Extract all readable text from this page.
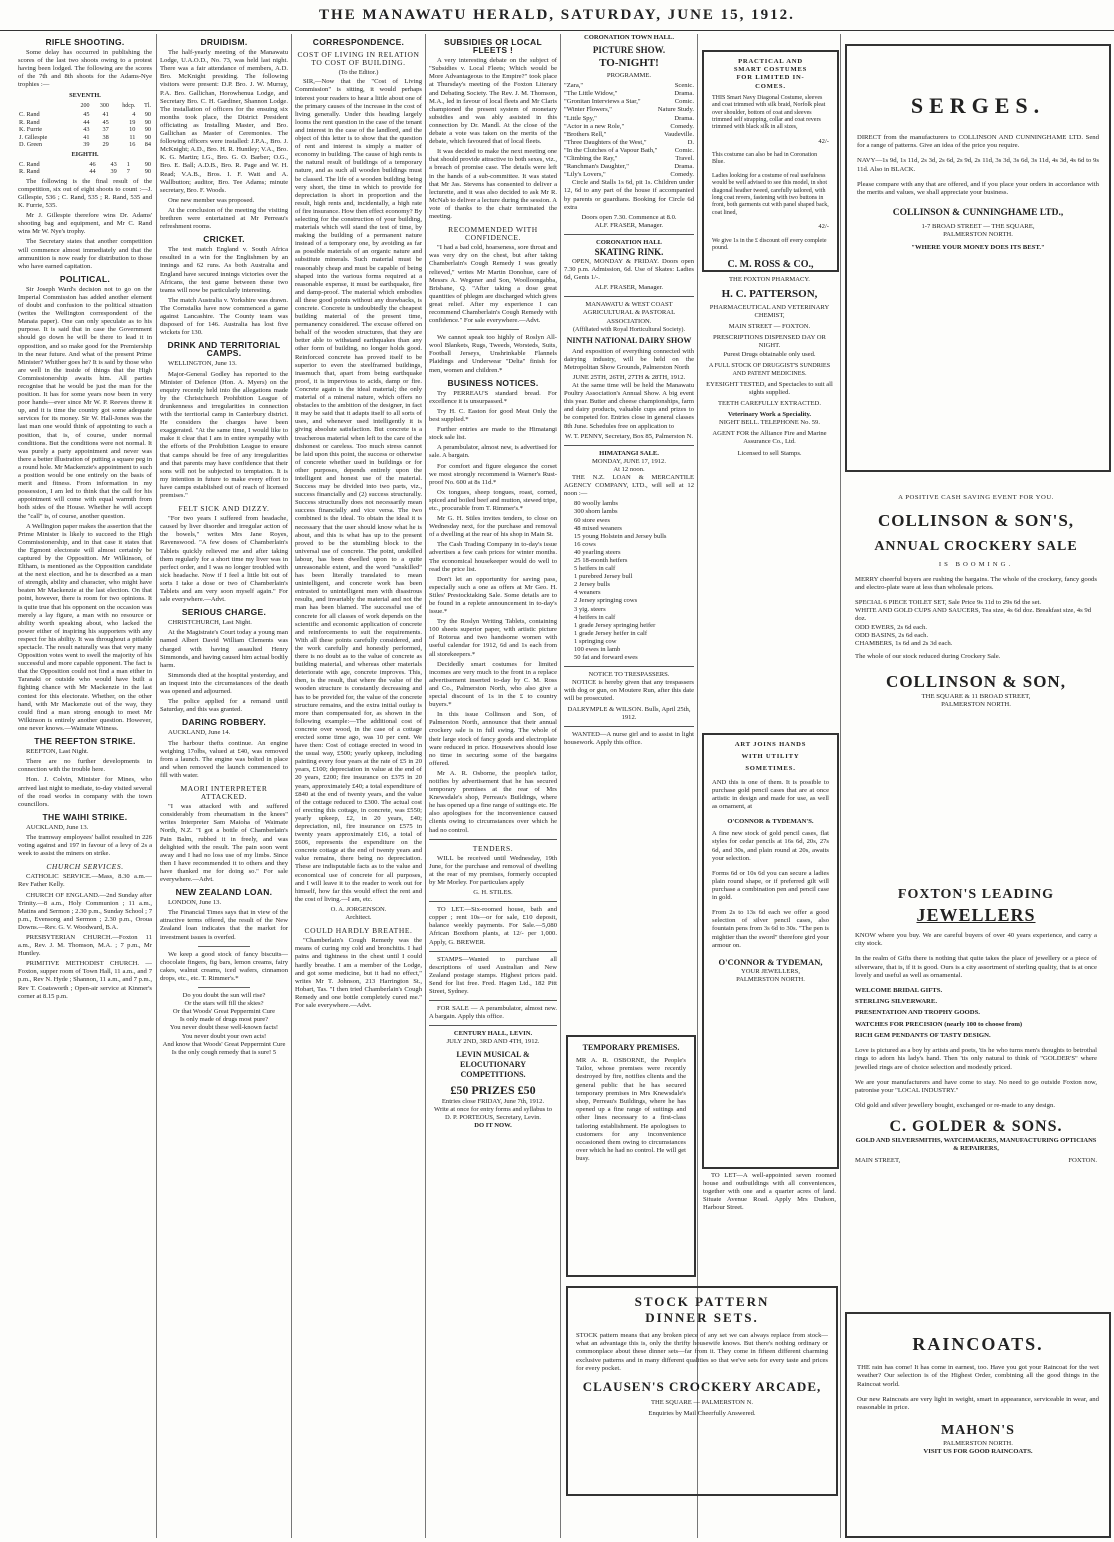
THE MANAWATU HERALD, SATURDAY, JUNE 15, 1912.
RIFLE SHOOTING.

Some delay has occurred in publishing the scores of the last two shoots owing to a protest having been lodged. The following are the scores of the 7th and 8th shoots for the Adams-Nye trophies :—

SEVENTH.
	200	300	hdcp.	Tl.
C. Rand	45	41	4	90
R. Rand	44	45	19	90
K. Furrie	43	37	10	90
J. Gillespie	41	38	11	90
D. Green	39	29	16	84
EIGHTH.
C. Rand	46	43	1	90
R. Rand	44	39	7	90

The following is the final result of the competition, six out of eight shoots to count :—J. Gillespie, 536 ; C. Rand, 535 ; R. Rand, 535 and K. Furrie, 535.

Mr J. Gillespie therefore wins Dr. Adams' shooting bag and equipment, and Mr C. Rand wins Mr W. Nye's trophy.

The Secretary states that another competition will commence almost immediately and that the ammunition is now ready for distribution to those who have earned capitation.

POLITICAL.

Sir Joseph Ward's decision not to go on the Imperial Commission has added another element of doubt and confusion to the political situation (writes the Wellington correspondent of the Manaia paper). One can only speculate as to his purpose. It is said that in case the Government should go down he will be there to lead it in opposition, and so make good for the Premiership in the near future. And what of the present Prime Minister? Whither goes he? It is said by those who are well in the inside of things that the High Commissionership awaits him. All parties recognise that he would be just the man for the position. It has for some years now been in very poor hands—ever since Mr W. P. Reeves threw it up, and it is time the country got some adequate services for its money. Sir W. Hall-Jones was the last man one would think of appointing to such a position, that is, of course, under normal conditions. But the conditions were not normal. It was purely a party appointment and never was there a better illustration of putting a square peg in a round hole. Mr Mackenzie's appointment to such a position would be one entirely on the basis of merit and fitness. From information in my possession, I am led to think that the call for his appointment will come with equal warmth from both sides of the House. Whether he will accept the "call" is, of course, another question.

A Wellington paper makes the assertion that the Prime Minister is likely to succeed to the High Commissionership, and in that case it states that the Egmont electorate will almost certainly be captured by the Opposition. Mr Wilkinson, of Eltham, is mentioned as the Opposition candidate at the next election, and he is described as a man of strength, ability and character, who might have beaten Mr Mackenzie at the last election. On that point, however, there is room for two opinions. It is quite true that his opponent on the occasion was merely a lay figure, a man with no resource or ability worth speaking about, who lacked the power either of inspiring his supporters with any respect for his ability. It was throughout a pitiable spectacle. The result naturally was that very many Opposition votes went to swell the majority of his successful and more capable opponent. The fact is that the Opposition could not find a man either in Taranaki or outside who would have built a fighting chance with Mr Mackenzie in the last contest for this electorate. Whether, on the other hand, with Mr Mackenzie out of the way, they could find a man strong enough to meet Mr Wilkinson is entirely another question. However, one never knows.—Waimate Witness.

THE REEFTON STRIKE.

REEFTON, Last Night.

There are no further developments in connection with the trouble here.

Hon. J. Colvin, Minister for Mines, who arrived last night to mediate, to-day visited several of the road works in company with the town councillors.

THE WAIHI STRIKE.

AUCKLAND, June 13.

The tramway employees' ballot resulted in 226 voting against and 197 in favour of a levy of 2s a week to assist the miners on strike.

CHURCH SERVICES.

CATHOLIC SERVICE.—Mass, 8.30 a.m.—Rev Father Kelly.

CHURCH OF ENGLAND.—2nd Sunday after Trinity.—8 a.m., Holy Communion ; 11 a.m., Matins and Sermon ; 2.30 p.m., Sunday School ; 7 p.m., Evensong and Sermon ; 2.30 p.m., Oroua Downs.—Rev. G. V. Woodward, B.A.

PRESBYTERIAN CHURCH.—Foxton 11 a.m., Rev. J. M. Thomson, M.A. ; 7 p.m., Mr Huntley.

PRIMITIVE METHODIST CHURCH. — Foxton, supper room of Town Hall, 11 a.m., and 7 p.m., Rev N. Hyde ; Shannon, 11 a.m., and 7 p.m., Rev T. Coatsworth ; Open-air service at Kinmer's corner at 8.15 p.m.

DRUIDISM.

The half-yearly meeting of the Manawatu Lodge, U.A.O.D., No. 73, was held last night. There was a fair attendance of members, A.D. Bro. McKnight presiding. The following visitors were present: D.P. Bro. J. W. Murray, P.A. Bro. Gallichan, Horowhenua Lodge, and Secretary Bro. C. H. Gardiner, Shannon Lodge. The installation of officers for the ensuing six months took place, the District President officiating as Installing Master, and Bro. Gallichan as Master of Ceremonies. The following officers were installed: J.P.A., Bro. J. McKnight; A.D., Bro. H. R. Huntley; V.A., Bro. K. G. Martin; I.G., Bro. G. O. Barber; O.G., Bro. E. Ball; A.D.B., Bro. R. Page and W. H. Read; V.A.B., Bros. I. F. Watt and A. Wallbutton; auditor, Bro. Tee Adams; minute secretary, Bro. F. Woods.

One new member was proposed.

At the conclusion of the meeting the visiting brethren were entertained at Mr Perreau's refreshment rooms.

CRICKET.

The test match England v. South Africa resulted in a win for the Englishmen by an innings and 62 runs. As both Australia and England have secured innings victories over the Africans, the test game between these two teams will now be particularly interesting.

The match Australia v. Yorkshire was drawn. The Cornstalks have now commenced a game against Lancashire. The County team was disposed of for 146. Australia has lost five wickets for 130.

DRINK AND TERRITORIAL CAMPS.

WELLINGTON, June 13.

Major-General Godley has reported to the Minister of Defence (Hon. A. Myers) on the enquiry recently held into the allegations made by the Christchurch Prohibition League of drunkenness and irregularities in connection with the territorial camp in Canterbury district. He considers the charges have been exaggerated. "At the same time, I would like to make it clear that I am in entire sympathy with the efforts of the Prohibition League to ensure that camps should be free of any irregularities and that parents may have confidence that their sons will not be subjected to temptation. It is my intention in future to make every effort to have camps established out of reach of licensed premises."

FELT SICK AND DIZZY.

"For two years I suffered from headache, caused by liver disorder and irregular action of the bowels," writes Mrs Jane Royes, Ravenswood. "A few doses of Chamberlain's Tablets quickly relieved me and after taking them regularly for a short time my liver was in perfect order, and I was no longer troubled with sick headache. Now if I feel a little bit out of sorts I take a dose or two of Chamberlain's Tablets and am very soon myself again." For sale everywhere.—Advt.

SERIOUS CHARGE.

CHRISTCHURCH, Last Night.

At the Magistrate's Court today a young man named Albert David William Clements was charged with having assaulted Henry Simmonds, and having caused him actual bodily harm.

Simmonds died at the hospital yesterday, and an inquest into the circumstances of the death was opened and adjourned.

The police applied for a remand until Saturday, and this was granted.

DARING ROBBERY.

AUCKLAND, June 14.

The harbour thefts continue. An engine weighing 17olbs, valued at £40, was removed from a launch. The engine was bolted in place and when removed the launch commenced to fill with water.

MAORI INTERPRETER ATTACKED.

"I was attacked with and suffered considerably from rheumatism in the knees" writes Interpreter Sam Maioha of Waimate North, N.Z. "I got a bottle of Chamberlain's Pain Balm, rubbed it in freely, and was delighted with the result. The pain soon went away and I had no loss use of my limbs. Since then I have recommended it to others and they have thanked me for doing so." For sale everywhere.—Advt.

NEW ZEALAND LOAN.

LONDON, June 13.

The Financial Times says that in view of the attractive terms offered, the result of the New Zealand loan indicates that the market for investment issues is overfed.

We keep a good stock of fancy biscuits—chocolate fingers, fig bars, lemon creams, fairy cakes, walnut creams, iced wafers, cinnamon drops, etc., etc. T. Rimmer's.*

Do you doubt the sun will rise?
Or the stars will fill the skies?
Or that Woods' Great Peppermint Cure
Is only made of drugs most pure?
You never doubt these well-known facts!
You never doubt your own acts!
And know that Woods' Great Peppermint Cure
Is the only cough remedy that is sure! 5
CORRESPONDENCE.
COST OF LIVING IN RELATION TO COST OF BUILDING.
(To the Editor.)

SIR,—Now that the "Cost of Living Commission" is sitting, it would perhaps interest your readers to hear a little about one of the primary causes of the increase in the cost of living generally. Under this heading largely looms the rent question in the case of the tenant and interest in the case of the landlord, and the object of this letter is to show that the question of rent and interest is simply a matter of economy in building. The cause of high rents is the natural result of buildings of a temporary nature, and as such all wooden buildings must be classed. The life of a wooden building being very short, the time in which to provide for depreciation is short in proportion and the result, high rents and, incidentally, a high rate of fire insurance. How then effect economy? By selecting for the construction of your building, materials which will stand the test of time, by making the building of a permanent nature instead of a temporary one, by avoiding as far as possible materials of an organic nature and substitute minerals. Such material must be reasonably cheap and must be capable of being shaped into the various forms required at a reasonable expense, it must be earthquake, fire and damp-proof. The material which embodies all these good points without any drawbacks, is concrete. Concrete is undoubtedly the cheapest building material of the present time, permanency considered. The excuse offered on behalf of the wooden structures, that they are better able to withstand earthquakes than any other form of building, no longer holds good. Reinforced concrete has proved itself to be superior to even the steelframed buildings, inasmuch that, apart from being earthquake proof, it is impervious to acids, damp or fire. Concrete again is the ideal material; the only material of a mineral nature, which offers no obstacles to the ambition of the designer, in fact it may be said that it adapts itself to all sorts of uses, and whenever used intelligently it is giving absolute satisfaction. But concrete is a treacherous material when left to the care of the dishonest or careless. Too much stress cannot be laid upon this point, the success or otherwise of concrete whether used in buildings or for other purposes, depends entirely upon the intelligent and honest use of the material. Success may be divided into two parts, viz., success financially and (2) success structurally. Success structurally does not necessarily mean success financially and vice versa. The two combined is the ideal. To obtain the ideal it is necessary that the user should know what he is about, and this is what has up to the present proved to be the stumbling block to the universal use of concrete. The point, unskilled labour, has been dwelled upon to a quite unreasonable extent, and the word "unskilled" has been literally translated to mean unintelligent, and concrete work has been entrusted to unintelligent men with disastrous results, and invariably the material and not the man has been blamed. The successful use of concrete for all classes of work depends on the scientific and economic application of concrete and reinforcements to suit the requirements. With all these points carefully considered, and the work carefully and honestly performed, there is no doubt as to the value of concrete as building material, and whereas other materials deteriorate with age, concrete improves. This, then, is the result, that where the value of the wooden structure is constantly decreasing and has to be provided for, the value of the concrete structure remains, and the extra initial outlay is more than compensated for, as shown in the following example:—The additional cost of concrete over wood, in the case of a cottage erected some time ago, was 10 per cent. We have then: Cost of cottage erected in wood in the usual way, £500; yearly upkeep, including painting every four years at the rate of £5 in 20 years, £100; depreciation in value at the end of 20 years, £200; fire insurance on £375 in 20 years, approximately £40; a total expenditure of £840 at the end of twenty years, and the value of the cottage reduced to £300. The actual cost of erecting this cottage, in concrete, was £550; yearly upkeep, £2, in 20 years, £40; depreciation, nil, fire insurance on £575 in twenty years approximately £16, a total of £606, represents the expenditure on the concrete cottage at the end of twenty years and value remains, there being no depreciation. These are indisputable facts as to the value and economical use of concrete for all purposes, and I will leave it to the reader to work out for himself, how far this would effect the rent and the cost of living.—I am, etc.

O. A. JORGENSON.
Architect.
COULD HARDLY BREATHE.

"Chamberlain's Cough Remedy was the means of curing my cold and bronchitis. I had pains and tightness in the chest until I could hardly breathe. I am a member of the Lodge, and got some medicine, but it had no effect," writes Mr T. Johnson, 213 Harrington St., Hobart, Tas. "I then tried Chamberlain's Cough Remedy and one bottle completely cured me." For sale everywhere.—Advt.

SUBSIDIES OR LOCAL FLEETS !

A very interesting debate on the subject of "Subsidies v. Local Fleets; Which would be More Advantageous to the Empire?" took place at Thursday's meeting of the Foxton Literary and Debating Society. The Rev. J. M. Thomson, M.A., led in favour of local fleets and Mr Claris championed the present system of monetary subsidies and was ably assisted in this connection by Dr. Mandl. At the close of the debate a vote was taken on the merits of the debate, which favoured that of local fleets.

It was decided to make the next meeting one that should provide attractive to both sexes, viz., a breach of promise case. The details were left in the hands of a sub-committee. It was stated that Mr Jas. Stevens has consented to deliver a lecturette, and it was also decided to ask Mr R. McNab to deliver a lecture during the session. A vote of thanks to the chair terminated the meeting.

RECOMMENDED WITH CONFIDENCE.

"I had a bad cold, hoarseness, sore throat and was very dry on the chest, but after taking Chamberlain's Cough Remedy I was greatly relieved," writes Mr Martin Donohue, care of Messrs A. Wegener and Son, Woolloongabba, Brisbane, Q. "After taking a dose great quantities of phlegm are discharged which gives great relief. After my experience I can recommend Chamberlain's Cough Remedy with confidence." For sale everywhere.—Advt.

We cannot speak too highly of Roslyn All-wool Blankets, Rugs, Tweeds, Worsteds, Suits, Football Jerseys, Unshrinkable Flannels Plaidings and Underwear "Delta" finish for men, women and children.*

BUSINESS NOTICES.

Try PERREAU'S standard bread. For excellence it is unsurpassed.*

Try H. C. Easton for good Meat Only the best supplied.*

Further entries are made to the Himatangi stock sale list.

A perambulator, almost new, is advertised for sale. A bargain.

For comfort and figure elegance the corset we most strongly recommend is Warner's Rust-proof No. 600 at 8s 11d.*

Ox tongues, sheep tongues, roast, corned, spiced and boiled beef and mutton, stewed tripe, etc., procurable from T. Rimmer's.*

Mr G. H. Stiles invites tenders, to close on Wednesday next, for the purchase and removal of a dwelling at the rear of his shop in Main St.

The Cash Trading Company in to-day's issue advertises a few cash prices for winter months. The economical housekeeper would do well to read the price list.

Don't let an opportunity for saving pass, especially such a one as offers at Mr Geo. H. Stiles' Prestocktaking Sale. Some details are to be found in a replete announcement in to-day's issue.*

Try the Roslyn Writing Tablets, containing 100 sheets superior paper, with artistic picture of Rotorua and two handsome women with useful calendar for 1912, 6d and 1s each from all storekeepers.*

Decidedly smart costumes for limited incomes are very much to the front in a replace advertisement inserted to-day by C. M. Ross and Co., Palmerston North, who also give a special discount of 1s in the £ to country buyers.*

In this issue Collinson and Son, of Palmerston North, announce that their annual crockery sale is in full swing. The whole of their large stock of fancy goods and electroplate ware reduced in price. Housewives should lose no time in securing some of the bargains offered.

Mr A. R. Osborne, the people's tailor, notifies by advertisement that he has secured temporary premises at the rear of Mrs Knewsdale's shop, Perreau's Buildings, where he has opened up a fine range of suitings etc. He also apologises for the inconvenience caused clients owing to circumstances over which he had no control.

TENDERS.

WILL be received until Wednesday, 19th June, for the purchase and removal of dwelling at the rear of my premises, formerly occupied by Mr Morley. For particulars apply

G. H. STILES.

TO LET.—Six-roomed house, bath and copper ; rent 10s—or for sale, £10 deposit, balance weekly payments. For Sale.—5,080 African Boxthorn plants, at 12/- per 1,000. Apply, G. BREWER.

STAMPS—Wanted to purchase all descriptions of used Australian and New Zealand postage stamps. Highest prices paid. Send for list free. Fred. Hagen Ltd., 182 Pitt Street, Sydney.

FOR SALE — A perambulator, almost new. A bargain. Apply this office.

CENTURY HALL, LEVIN.
JULY 2ND, 3RD AND 4TH, 1912.
LEVIN MUSICAL & ELOCUTIONARY COMPETITIONS.
£50 PRIZES £50
Entries close FRIDAY, June 7th, 1912.
Write at once for entry forms and syllabus to
D. P. PORTEOUS, Secretary, Levin.
DO IT NOW.
CORONATION TOWN HALL.
PICTURE SHOW.
TO-NIGHT!
PROGRAMME.
"Zara,"	Scenic.
"The Little Widow,"	Drama.
"Gronitan Interviews a Star,"	Comic.
"Winter Flowers,"	Nature Study.
"Little Spy,"	Drama.
"Actor in a new Role,"	Comedy.
"Brothers Rell,"	Vaudeville.
"Three Daughters of the West,"	D.
"In the Clutches of a Vapour Bath,"	Comic.
"Climbing the Ray,"	Travel.
"Ranchman's Daughter,"	Drama.
"Lily's Lovers,"	Comedy.

Circle and Stalls 1s 6d, pit 1s. Children under 12, 6d to any part of the house if accompanied by parents or guardians. Booking for Circle 6d extra

Doors open 7.30. Commence at 8.0.
ALF. FRASER, Manager.
CORONATION HALL
SKATING RINK.

OPEN, MONDAY & FRIDAY. Doors open 7.30 p.m. Admission, 6d. Use of Skates: Ladies 6d, Gents 1/-.

ALF. FRASER, Manager.
MANAWATU & WEST COAST AGRICULTURAL & PASTORAL ASSOCIATION.
(Affiliated with Royal Horticultural Society).
NINTH NATIONAL DAIRY SHOW

And exposition of everything connected with dairying industry, will be held on the Metropolitan Show Grounds, Palmerston North

JUNE 25TH, 26TH, 27TH & 28TH, 1912.

At the same time will be held the Manawatu Poultry Association's Annual Show. A big event this year. Butter and cheese championships, farm and dairy products, valuable cups and prizes to be competed for. Entries close in general classes 8th June. Schedules free on application to

W. T. PENNY, Secretary, Box 85, Palmerston N.
HIMATANGI SALE.
MONDAY, JUNE 17, 1912.
At 12 noon.

THE N.Z. LOAN & MERCANTILE AGENCY COMPANY, LTD., will sell at 12 noon :—

80 woolly lambs
300 shorn lambs
60 store ewes
48 mixed weaners
15 young Holstein and Jersey bulls
16 cows
40 yearling steers
25 18-month heifers
5 heifers in calf
1 purebred Jersey bull
2 Jersey bulls
4 weaners
2 Jersey springing cows
3 yig. steers
4 heifers in calf
1 grade Jersey springing heifer
1 grade Jersey heifer in calf
1 springing cow
100 ewes in lamb
50 fat and forward ewes
NOTICE TO TRESPASSERS.

NOTICE is hereby given that any trespassers with dog or gun, on Moutere Run, after this date will be prosecuted.

DALRYMPLE & WILSON. Bulls, April 25th, 1912.

WANTED—A nurse girl and to assist in light housework. Apply this office.

TEMPORARY PREMISES.

MR A. R. OSBORNE, the People's Tailor, whose premises were recently destroyed by fire, notifies clients and the general public that he has secured temporary premises in Mrs Knewsdale's shop, Perreau's Buildings, where he has opened up a fine range of suitings and other lines necessary to a first-class tailoring establishment. He apologises to customers for any inconvenience occasioned them owing to circumstances over which he had no control. He will get busy.

STOCK PATTERN
DINNER SETS.

STOCK pattern means that any broken piece of any set we can always replace from stock—what an advantage this is, only the thrifty housewife knows. But there's nothing ordinary or commonplace about these dinner sets—far from it. They come in fifteen different charming exclusive patterns and in many different qualities so that we've sets for every taste and prices for every pocket.

CLAUSEN'S CROCKERY ARCADE,
THE SQUARE — PALMERSTON N.
Enquiries by Mail Cheerfully Answered.
PRACTICAL AND
SMART COSTUMES
FOR LIMITED IN-
COMES.

THIS Smart Navy Diagonal Costume, sleeves and coat trimmed with silk braid, Norfolk pleat over shoulder, bottom of coat and sleeves trimmed self strapping, collar and coat revers trimmed with black silk in all sizes,

42/-

This costume can also be had in Coronation Blue.

Ladies looking for a costume of real usefulness would be well advised to see this model, in shot diagonal heather tweed, carefully tailored, with long coat revers, fastening with two buttons in front, both garments cut with panel shaped back, coat lined,

42/-

We give 1s in the £ discount off every complete pound.

C. M. ROSS & CO.,
THE FOXTON PHARMACY.
H. C. PATTERSON,
PHARMACEUTICAL AND VETERINARY CHEMIST,
MAIN STREET — FOXTON.
PRESCRIPTIONS DISPENSED DAY OR NIGHT.
Purest Drugs obtainable only used.
A FULL STOCK OF DRUGGIST'S SUNDRIES AND PATENT MEDICINES.
EYESIGHT TESTED, and Spectacles to suit all sights supplied.
TEETH CAREFULLY EXTRACTED.
Veterinary Work a Speciality.
NIGHT BELL. TELEPHONE No. 59.
AGENT FOR the Alliance Fire and Marine Assurance Co., Ltd.
Licensed to sell Stamps.
ART JOINS HANDS
WITH UTILITY
SOMETIMES.

AND this is one of them. It is possible to purchase gold pencil cases that are at once artistic in design and made for use, as well as ornament, at

O'CONNOR & TYDEMAN'S.

A fine new stock of gold pencil cases, flat styles for cedar pencils at 16s 6d, 20s, 27s 6d, and 30s, and plain round at 20s, awaits your selection.

Forms 6d or 10s 6d you can secure a ladies plain round shape, or if preferred gilt will purchase a combination pen and pencil case in gold.

From 2s to 13s 6d each we offer a good selection of silver pencil cases, also fountain pens from 3s 6d to 30s. "The pen is mightier than the sword" therefore gird your armour on.

O'CONNOR & TYDEMAN,
YOUR JEWELLERS,
PALMERSTON NORTH.

TO LET—A well-appointed seven roomed house and outbuildings with all conveniences, together with one and a quarter acres of land. Situate Avenue Road. Apply Mrs Dudson, Harbour Street.

SERGES.

DIRECT from the manufacturers to COLLINSON AND CUNNINGHAME LTD. Send for a range of patterns. Give an idea of the price you require.

NAVY—1s 9d, 1s 11d, 2s 3d, 2s 6d, 2s 9d, 2s 11d, 3s 3d, 3s 6d, 3s 11d, 4s 3d, 4s 6d to 9s 11d. Also in BLACK.

Please compare with any that are offered, and if you place your orders in accordance with the merits and values, we shall appreciate your business.

COLLINSON & CUNNINGHAME LTD.,
1-7 BROAD STREET — THE SQUARE,
PALMERSTON NORTH.
"WHERE YOUR MONEY DOES ITS BEST."
A POSITIVE CASH SAVING EVENT FOR YOU.
COLLINSON & SON'S,
ANNUAL CROCKERY SALE
IS BOOMING.

MERRY cheerful buyers are rushing the bargains. The whole of the crockery, fancy goods and electro-plate ware at less than wholesale prices.

SPECIAL 6 PIECE TOILET SET, Sale Price 9s 11d to 29s 6d the set.
WHITE AND GOLD CUPS AND SAUCERS, Tea size, 4s 6d doz. Breakfast size, 4s 9d doz.
ODD EWERS, 2s 6d each.
ODD BASINS, 2s 6d each.
CHAMBERS, 1s 6d and 2s 3d each.

The whole of our stock reduced during Crockery Sale.

COLLINSON & SON,
THE SQUARE & 11 BROAD STREET,
PALMERSTON NORTH.
FOXTON'S LEADING
JEWELLERS

KNOW where you buy. We are careful buyers of over 40 years experience, and carry a city stock.

In the realm of Gifts there is nothing that quite takes the place of jewellery or a piece of silverware, that is, if it is good. Ours is a city assortment of sterling quality, that is at once lovely and useful as well as ornamental.

WELCOME BRIDAL GIFTS.
STERLING SILVERWARE.
PRESENTATION AND TROPHY GOODS.
WATCHES FOR PRECISION (nearly 100 to choose from)
RICH GEM PENDANTS OF TASTY DESIGN.

Love is pictured as a boy by artists and poets, 'tis he who turns men's thoughts to betrothal rings to adorn his lady's hand. Then 'tis only natural to think of "GOLDER'S" where jewelled rings are of choice selection and modestly priced.

We are your manufacturers and have come to stay. No need to go outside Foxton now, patronise your "LOCAL INDUSTRY."

Old gold and silver jewellery bought, exchanged or re-made to any design.

C. GOLDER & SONS.
GOLD AND SILVERSMITHS, WATCHMAKERS, MANUFACTURING OPTICIANS & REPAIRERS,
MAIN STREET,	FOXTON.
RAINCOATS.

THE rain has come! It has come in earnest, too. Have you got your Raincoat for the wet weather? Our selection is of the Highest Order, combining all the good things in the Raincoat world.

Our new Raincoats are very light in weight, smart in appearance, serviceable in wear, and reasonable in price.

MAHON'S
PALMERSTON NORTH.
VISIT US FOR GOOD RAINCOATS.
